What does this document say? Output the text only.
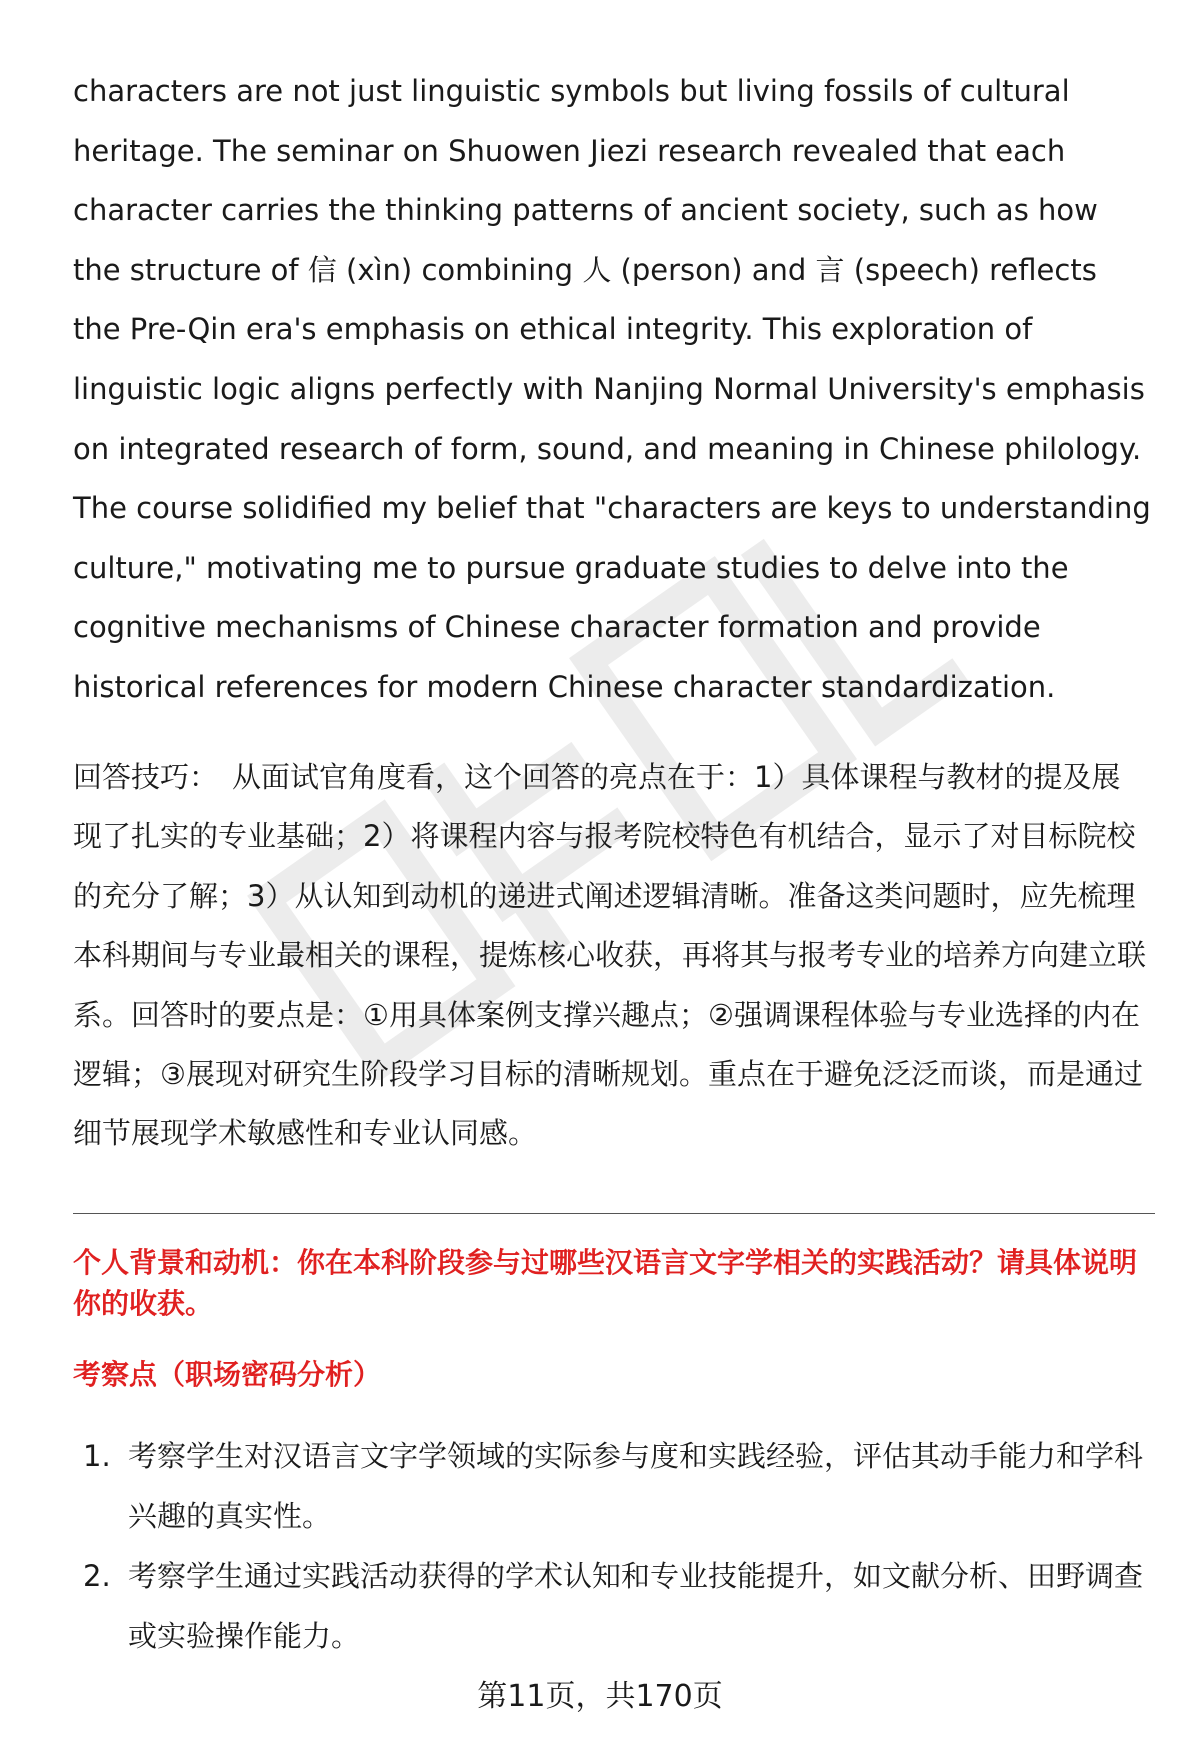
characters are not just linguistic symbols but living fossils of cultural heritage. The seminar on Shuowen Jiezi research revealed that each character carries the thinking patterns of ancient society, such as how the structure of 信 (xìn) combining 人 (person) and 言 (speech) reflects the Pre-Qin era's emphasis on ethical integrity. This exploration of linguistic logic aligns perfectly with Nanjing Normal University's emphasis on integrated research of form, sound, and meaning in Chinese philology. The course solidified my belief that "characters are keys to understanding culture," motivating me to pursue graduate studies to delve into the cognitive mechanisms of Chinese character formation and provide historical references for modern Chinese character standardization.

回答技巧： 从面试官角度看，这个回答的亮点在于：1）具体课程与教材的提及展现了扎实的专业基础；2）将课程内容与报考院校特色有机结合，显示了对目标院校的充分了解；3）从认知到动机的递进式阐述逻辑清晰。准备这类问题时，应先梳理本科期间与专业最相关的课程，提炼核心收获，再将其与报考专业的培养方向建立联系。回答时的要点是：①用具体案例支撑兴趣点；②强调课程体验与专业选择的内在逻辑；③展现对研究生阶段学习目标的清晰规划。重点在于避免泛泛而谈，而是通过细节展现学术敏感性和专业认同感。

个人背景和动机：你在本科阶段参与过哪些汉语言文字学相关的实践活动？请具体说明你的收获。

考察点（职场密码分析）

1. 考察学生对汉语言文字学领域的实际参与度和实践经验，评估其动手能力和学科兴趣的真实性。
2. 考察学生通过实践活动获得的学术认知和专业技能提升，如文献分析、田野调查或实验操作能力。
第11页，共170页
